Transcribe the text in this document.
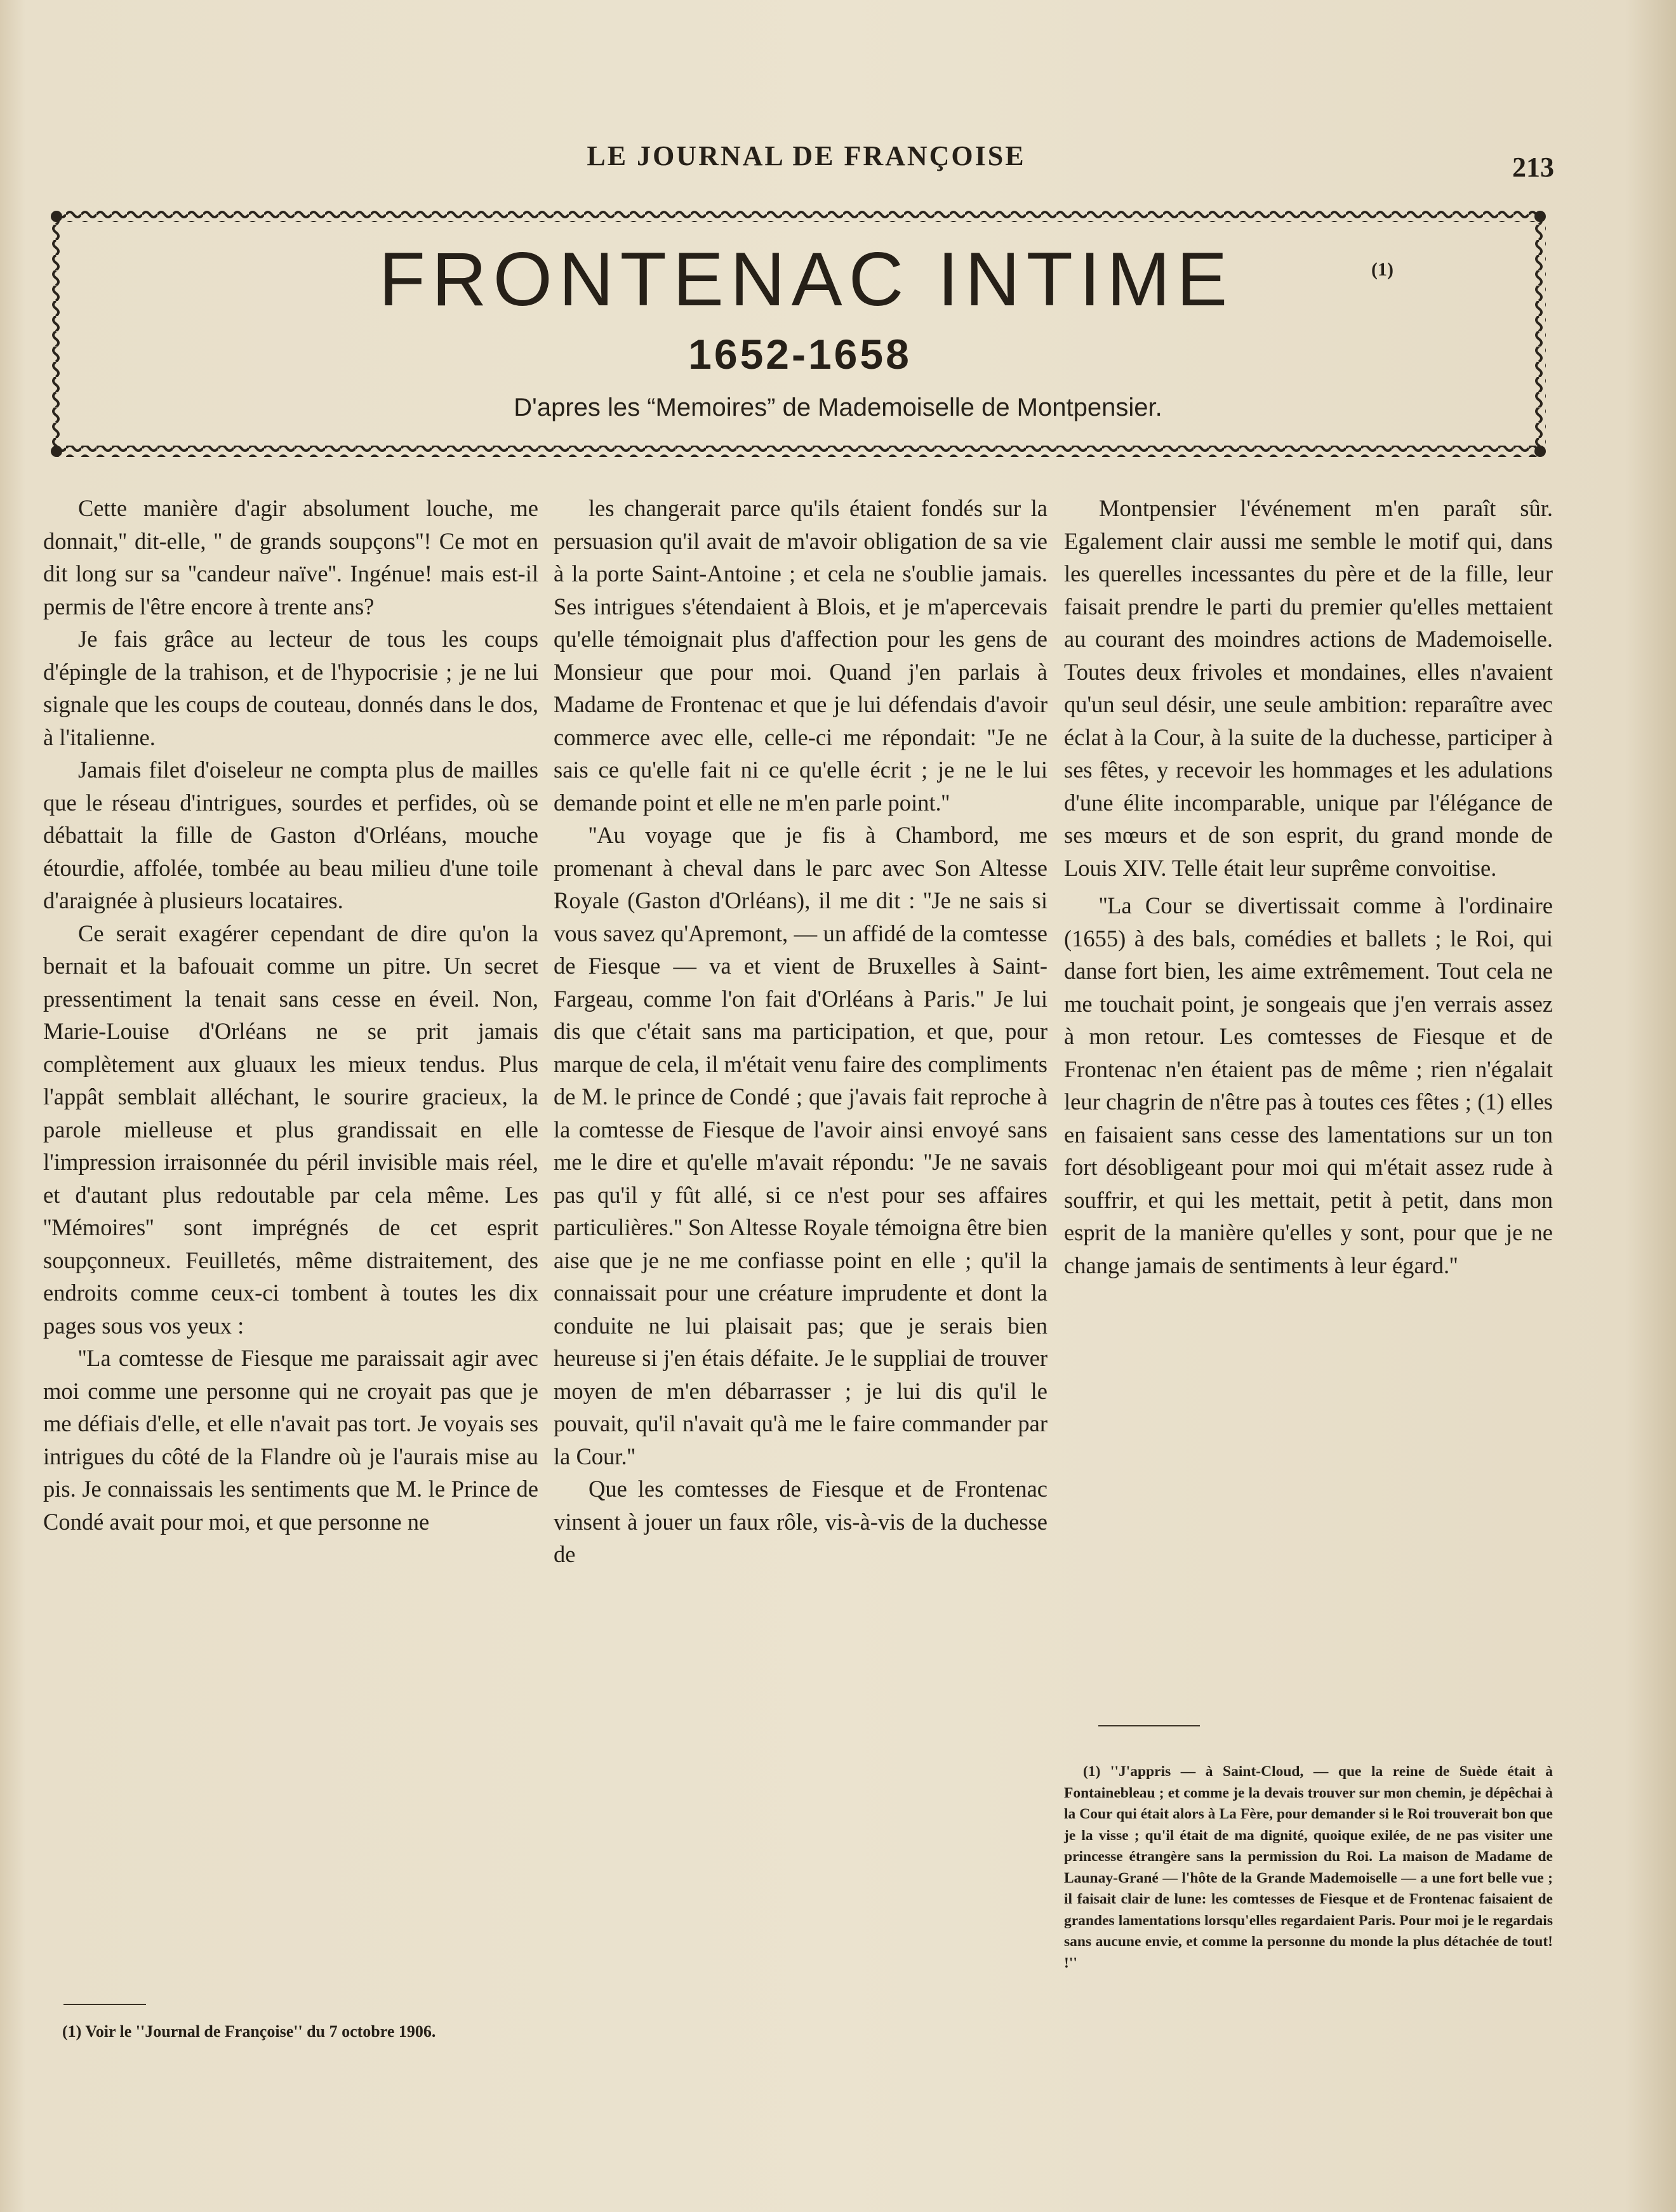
LE JOURNAL DE FRANÇOISE	213
FRONTENAC INTIME	(1)
1652-1658
D'apres les “Memoires” de Mademoiselle de Montpensier.

Cette manière d'agir absolument louche, me donnait,'' dit-elle, '' de grands soupçons''! Ce mot en dit long sur sa ''candeur naïve''. Ingénue! mais est-il permis de l'être encore à trente ans?

Je fais grâce au lecteur de tous les coups d'épingle de la trahison, et de l'hypocrisie ; je ne lui signale que les coups de couteau, donnés dans le dos, à l'italienne.

Jamais filet d'oiseleur ne compta plus de mailles que le réseau d'intrigues, sourdes et perfides, où se débattait la fille de Gaston d'Orléans, mouche étourdie, affolée, tombée au beau milieu d'une toile d'araignée à plusieurs locataires.

Ce serait exagérer cependant de dire qu'on la bernait et la bafouait comme un pitre. Un secret pressentiment la tenait sans cesse en éveil. Non, Marie-Louise d'Orléans ne se prit jamais complètement aux gluaux les mieux tendus. Plus l'appât semblait alléchant, le sourire gracieux, la parole mielleuse et plus grandissait en elle l'impression irraisonnée du péril invisible mais réel, et d'autant plus redoutable par cela même. Les ''Mémoires'' sont imprégnés de cet esprit soupçonneux. Feuilletés, même distraitement, des endroits comme ceux-ci tombent à toutes les dix pages sous vos yeux :

''La comtesse de Fiesque me paraissait agir avec moi comme une personne qui ne croyait pas que je me défiais d'elle, et elle n'avait pas tort. Je voyais ses intrigues du côté de la Flandre où je l'aurais mise au pis. Je connaissais les sentiments que M. le Prince de Condé avait pour moi, et que personne ne

les changerait parce qu'ils étaient fondés sur la persuasion qu'il avait de m'avoir obligation de sa vie à la porte Saint-Antoine ; et cela ne s'oublie jamais. Ses intrigues s'étendaient à Blois, et je m'apercevais qu'elle témoignait plus d'affection pour les gens de Monsieur que pour moi. Quand j'en parlais à Madame de Frontenac et que je lui défendais d'avoir commerce avec elle, celle-ci me répondait: ''Je ne sais ce qu'elle fait ni ce qu'elle écrit ; je ne le lui demande point et elle ne m'en parle point.''

''Au voyage que je fis à Chambord, me promenant à cheval dans le parc avec Son Altesse Royale (Gaston d'Orléans), il me dit : ''Je ne sais si vous savez qu'Apremont, — un affidé de la comtesse de Fiesque — va et vient de Bruxelles à Saint-Fargeau, comme l'on fait d'Orléans à Paris.'' Je lui dis que c'était sans ma participation, et que, pour marque de cela, il m'était venu faire des compliments de M. le prince de Condé ; que j'avais fait reproche à la comtesse de Fiesque de l'avoir ainsi envoyé sans me le dire et qu'elle m'avait répondu: ''Je ne savais pas qu'il y fût allé, si ce n'est pour ses affaires particulières.'' Son Altesse Royale témoigna être bien aise que je ne me confiasse point en elle ; qu'il la connaissait pour une créature imprudente et dont la conduite ne lui plaisait pas; que je serais bien heureuse si j'en étais défaite. Je le suppliai de trouver moyen de m'en débarrasser ; je lui dis qu'il le pouvait, qu'il n'avait qu'à me le faire commander par la Cour.''

Que les comtesses de Fiesque et de Frontenac vinsent à jouer un faux rôle, vis-à-vis de la duchesse de

Montpensier l'événement m'en paraît sûr. Egalement clair aussi me semble le motif qui, dans les querelles incessantes du père et de la fille, leur faisait prendre le parti du premier qu'elles mettaient au courant des moindres actions de Mademoiselle. Toutes deux frivoles et mondaines, elles n'avaient qu'un seul désir, une seule ambition: reparaître avec éclat à la Cour, à la suite de la duchesse, participer à ses fêtes, y recevoir les hommages et les adulations d'une élite incomparable, unique par l'élégance de ses mœurs et de son esprit, du grand monde de Louis XIV. Telle était leur suprême convoitise.

''La Cour se divertissait comme à l'ordinaire (1655) à des bals, comédies et ballets ; le Roi, qui danse fort bien, les aime extrêmement. Tout cela ne me touchait point, je songeais que j'en verrais assez à mon retour. Les comtesses de Fiesque et de Frontenac n'en étaient pas de même ; rien n'égalait leur chagrin de n'être pas à toutes ces fêtes ; (1) elles en faisaient sans cesse des lamentations sur un ton fort désobligeant pour moi qui m'était assez rude à souffrir, et qui les mettait, petit à petit, dans mon esprit de la manière qu'elles y sont, pour que je ne change jamais de sentiments à leur égard.''

(1) Voir le ''Journal de Françoise'' du 7 octobre 1906.

(1) ''J'appris — à Saint-Cloud, — que la reine de Suède était à Fontainebleau ; et comme je la devais trouver sur mon chemin, je dépêchai à la Cour qui était alors à La Fère, pour demander si le Roi trouverait bon que je la visse ; qu'il était de ma dignité, quoique exilée, de ne pas visiter une princesse étrangère sans la permission du Roi. La maison de Madame de Launay-Grané — l'hôte de la Grande Mademoiselle — a une fort belle vue ; il faisait clair de lune: les comtesses de Fiesque et de Frontenac faisaient de grandes lamentations lorsqu'elles regardaient Paris. Pour moi je le regardais sans aucune envie, et comme la personne du monde la plus détachée de tout! !''
